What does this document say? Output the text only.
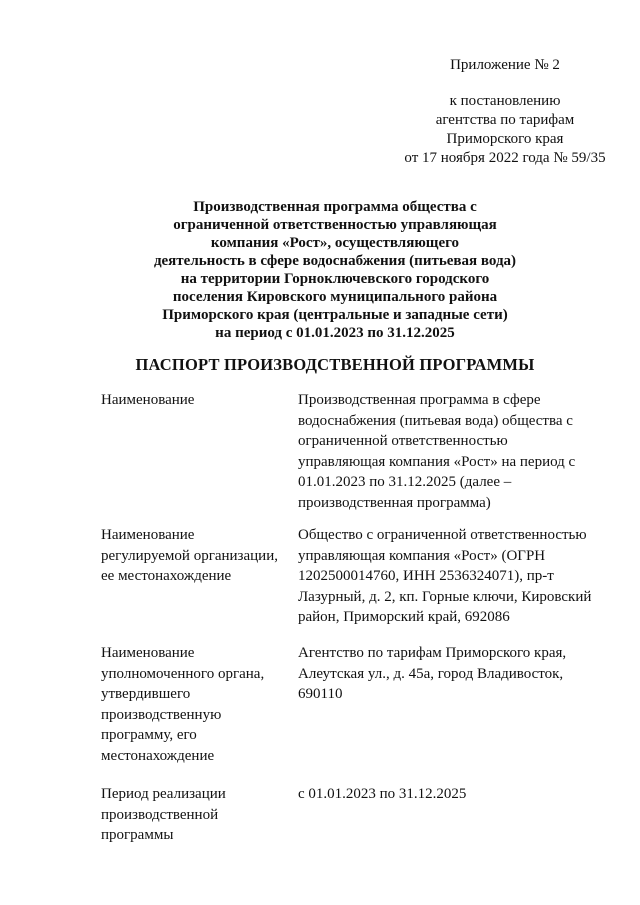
Приложение № 2
к постановлению
агентства по тарифам
Приморского края
от 17 ноября 2022 года № 59/35
Производственная программа общества с
ограниченной ответственностью управляющая
компания «Рост», осуществляющего
деятельность в сфере водоснабжения (питьевая вода)
на территории Горноключевского городского
поселения Кировского муниципального района
Приморского края (центральные и западные сети)
на период с 01.01.2023 по 31.12.2025
ПАСПОРТ ПРОИЗВОДСТВЕННОЙ ПРОГРАММЫ
Наименование	Производственная программа в сфере
водоснабжения (питьевая вода) общества с
ограниченной ответственностью
управляющая компания «Рост» на период с
01.01.2023 по 31.12.2025 (далее –
производственная программа)
Наименование
регулируемой организации,
ее местонахождение
Общество с ограниченной ответственностью
управляющая компания «Рост» (ОГРН
1202500014760, ИНН 2536324071), пр-т
Лазурный, д. 2, кп. Горные ключи, Кировский
район, Приморский край, 692086
Наименование
уполномоченного органа,
утвердившего
производственную
программу, его
местонахождение
Агентство по тарифам Приморского края,
Алеутская ул., д. 45а, город Владивосток,
690110
Период реализации
производственной
программы
с 01.01.2023 по 31.12.2025
